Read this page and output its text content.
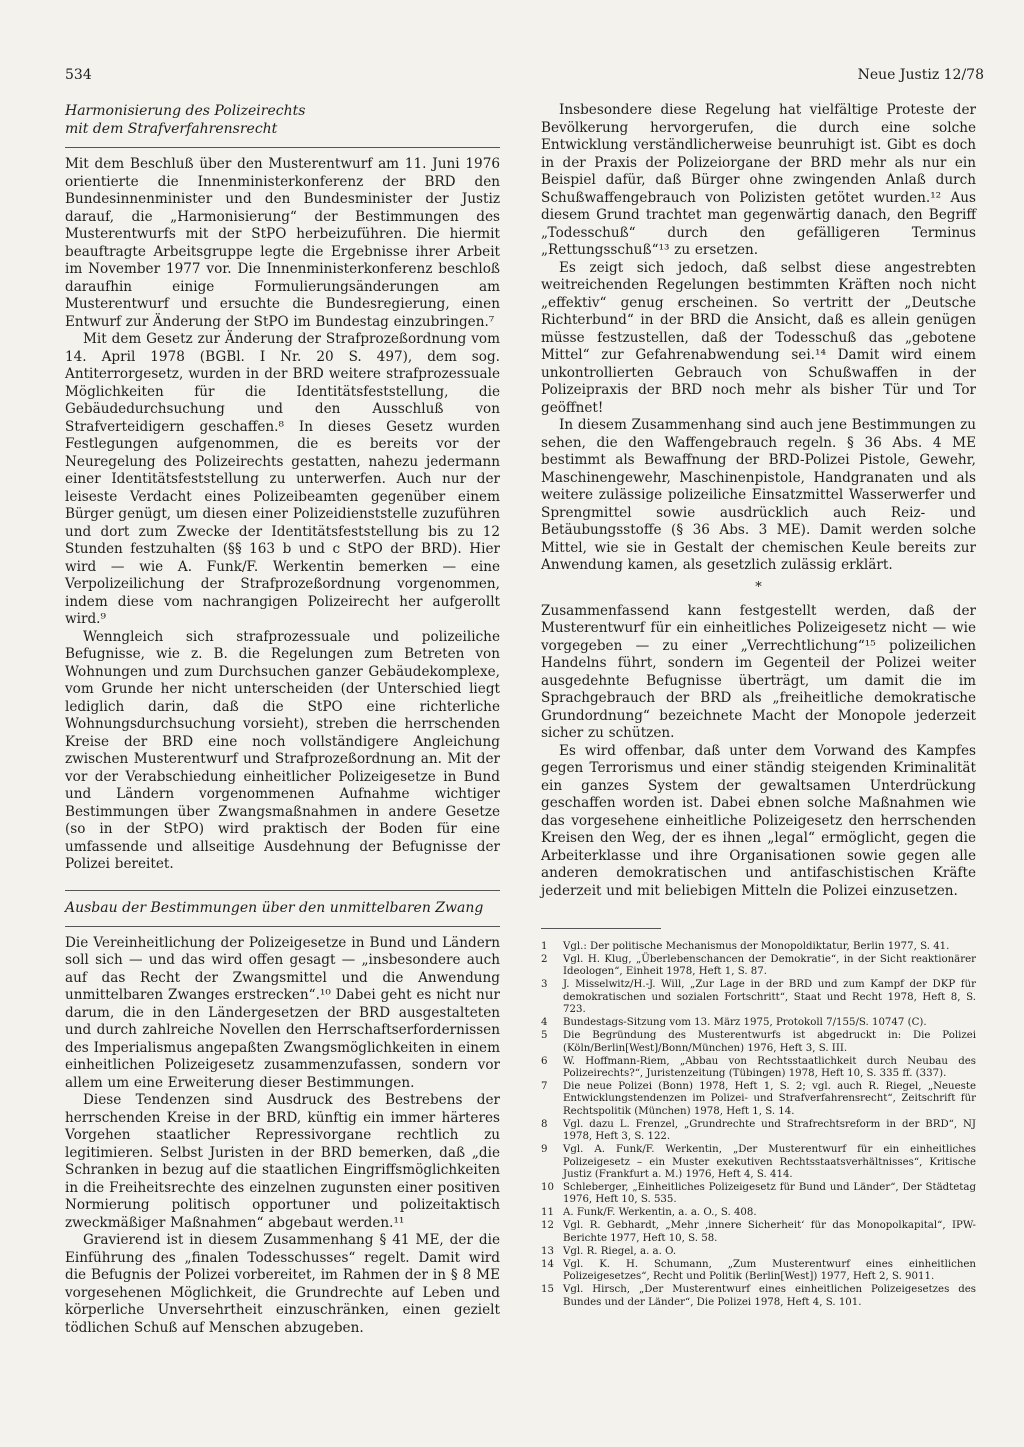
534	Neue Justiz 12/78
Harmonisierung des Polizeirechts
mit dem Strafverfahrensrecht

Mit dem Beschluß über den Musterentwurf am 11. Juni 1976 orientierte die Innenministerkonferenz der BRD den Bundesinnenminister und den Bundesminister der Justiz darauf, die „Harmonisierung“ der Bestimmungen des Musterentwurfs mit der StPO herbeizuführen. Die hiermit beauftragte Arbeitsgruppe legte die Ergebnisse ihrer Arbeit im November 1977 vor. Die Innenministerkonferenz beschloß daraufhin einige Formulierungsänderungen am Musterentwurf und ersuchte die Bundesregierung, einen Entwurf zur Änderung der StPO im Bundestag einzubringen.⁷

Mit dem Gesetz zur Änderung der Strafprozeßordnung vom 14. April 1978 (BGBl. I Nr. 20 S. 497), dem sog. Antiterrorgesetz, wurden in der BRD weitere strafprozessuale Möglichkeiten für die Identitätsfeststellung, die Gebäudedurchsuchung und den Ausschluß von Strafverteidigern geschaffen.⁸ In dieses Gesetz wurden Festlegungen aufgenommen, die es bereits vor der Neuregelung des Polizeirechts gestatten, nahezu jedermann einer Identitätsfeststellung zu unterwerfen. Auch nur der leiseste Verdacht eines Polizeibeamten gegenüber einem Bürger genügt, um diesen einer Polizeidienststelle zuzuführen und dort zum Zwecke der Identitätsfeststellung bis zu 12 Stunden festzuhalten (§§ 163 b und c StPO der BRD). Hier wird — wie A. Funk/F. Werkentin bemerken — eine Verpolizeilichung der Strafprozeßordnung vorgenommen, indem diese vom nachrangigen Polizeirecht her aufgerollt wird.⁹

Wenngleich sich strafprozessuale und polizeiliche Befugnisse, wie z. B. die Regelungen zum Betreten von Wohnungen und zum Durchsuchen ganzer Gebäudekomplexe, vom Grunde her nicht unterscheiden (der Unterschied liegt lediglich darin, daß die StPO eine richterliche Wohnungsdurchsuchung vorsieht), streben die herrschenden Kreise der BRD eine noch vollständigere Angleichung zwischen Musterentwurf und Strafprozeßordnung an. Mit der vor der Verabschiedung einheitlicher Polizeigesetze in Bund und Ländern vorgenommenen Aufnahme wichtiger Bestimmungen über Zwangsmaßnahmen in andere Gesetze (so in der StPO) wird praktisch der Boden für eine umfassende und allseitige Ausdehnung der Befugnisse der Polizei bereitet.

Ausbau der Bestimmungen über den unmittelbaren Zwang

Die Vereinheitlichung der Polizeigesetze in Bund und Ländern soll sich — und das wird offen gesagt — „insbesondere auch auf das Recht der Zwangsmittel und die Anwendung unmittelbaren Zwanges erstrecken“.¹⁰ Dabei geht es nicht nur darum, die in den Ländergesetzen der BRD ausgestalteten und durch zahlreiche Novellen den Herrschaftserfordernissen des Imperialismus angepaßten Zwangsmöglichkeiten in einem einheitlichen Polizeigesetz zusammenzufassen, sondern vor allem um eine Erweiterung dieser Bestimmungen.

Diese Tendenzen sind Ausdruck des Bestrebens der herrschenden Kreise in der BRD, künftig ein immer härteres Vorgehen staatlicher Repressivorgane rechtlich zu legitimieren. Selbst Juristen in der BRD bemerken, daß „die Schranken in bezug auf die staatlichen Eingriffsmöglichkeiten in die Freiheitsrechte des einzelnen zugunsten einer positiven Normierung politisch opportuner und polizeitaktisch zweckmäßiger Maßnahmen“ abgebaut werden.¹¹

Gravierend ist in diesem Zusammenhang § 41 ME, der die Einführung des „finalen Todesschusses“ regelt. Damit wird die Befugnis der Polizei vorbereitet, im Rahmen der in § 8 ME vorgesehenen Möglichkeit, die Grundrechte auf Leben und körperliche Unversehrtheit einzuschränken, einen gezielt tödlichen Schuß auf Menschen abzugeben.

Insbesondere diese Regelung hat vielfältige Proteste der Bevölkerung hervorgerufen, die durch eine solche Entwicklung verständlicherweise beunruhigt ist. Gibt es doch in der Praxis der Polizeiorgane der BRD mehr als nur ein Beispiel dafür, daß Bürger ohne zwingenden Anlaß durch Schußwaffengebrauch von Polizisten getötet wurden.¹² Aus diesem Grund trachtet man gegenwärtig danach, den Begriff „Todesschuß“ durch den gefälligeren Terminus „Rettungsschuß“¹³ zu ersetzen.

Es zeigt sich jedoch, daß selbst diese angestrebten weitreichenden Regelungen bestimmten Kräften noch nicht „effektiv“ genug erscheinen. So vertritt der „Deutsche Richterbund“ in der BRD die Ansicht, daß es allein genügen müsse festzustellen, daß der Todesschuß das „gebotene Mittel“ zur Gefahrenabwendung sei.¹⁴ Damit wird einem unkontrollierten Gebrauch von Schußwaffen in der Polizeipraxis der BRD noch mehr als bisher Tür und Tor geöffnet!

In diesem Zusammenhang sind auch jene Bestimmungen zu sehen, die den Waffengebrauch regeln. § 36 Abs. 4 ME bestimmt als Bewaffnung der BRD-Polizei Pistole, Gewehr, Maschinengewehr, Maschinenpistole, Handgranaten und als weitere zulässige polizeiliche Einsatzmittel Wasserwerfer und Sprengmittel sowie ausdrücklich auch Reiz- und Betäubungsstoffe (§ 36 Abs. 3 ME). Damit werden solche Mittel, wie sie in Gestalt der chemischen Keule bereits zur Anwendung kamen, als gesetzlich zulässig erklärt.

*

Zusammenfassend kann festgestellt werden, daß der Musterentwurf für ein einheitliches Polizeigesetz nicht — wie vorgegeben — zu einer „Verrechtlichung“¹⁵ polizeilichen Handelns führt, sondern im Gegenteil der Polizei weiter ausgedehnte Befugnisse überträgt, um damit die im Sprachgebrauch der BRD als „freiheitliche demokratische Grundordnung“ bezeichnete Macht der Monopole jederzeit sicher zu schützen.

Es wird offenbar, daß unter dem Vorwand des Kampfes gegen Terrorismus und einer ständig steigenden Kriminalität ein ganzes System der gewaltsamen Unterdrückung geschaffen worden ist. Dabei ebnen solche Maßnahmen wie das vorgesehene einheitliche Polizeigesetz den herrschenden Kreisen den Weg, der es ihnen „legal“ ermöglicht, gegen die Arbeiterklasse und ihre Organisationen sowie gegen alle anderen demokratischen und antifaschistischen Kräfte jederzeit und mit beliebigen Mitteln die Polizei einzusetzen.

1	Vgl.: Der politische Mechanismus der Monopoldiktatur, Berlin 1977, S. 41.
2	Vgl. H. Klug, „Überlebenschancen der Demokratie“, in der Sicht reaktionärer Ideologen“, Einheit 1978, Heft 1, S. 87.
3	J. Misselwitz/H.-J. Will, „Zur Lage in der BRD und zum Kampf der DKP für demokratischen und sozialen Fortschritt“, Staat und Recht 1978, Heft 8, S. 723.
4	Bundestags-Sitzung vom 13. März 1975, Protokoll 7/155/S. 10747 (C).
5	Die Begründung des Musterentwurfs ist abgedruckt in: Die Polizei (Köln/Berlin[West]/Bonn/München) 1976, Heft 3, S. III.
6	W. Hoffmann-Riem, „Abbau von Rechtsstaatlichkeit durch Neubau des Polizeirechts?“, Juristenzeitung (Tübingen) 1978, Heft 10, S. 335 ff. (337).
7	Die neue Polizei (Bonn) 1978, Heft 1, S. 2; vgl. auch R. Riegel, „Neueste Entwicklungstendenzen im Polizei- und Strafverfahrensrecht“, Zeitschrift für Rechtspolitik (München) 1978, Heft 1, S. 14.
8	Vgl. dazu L. Frenzel, „Grundrechte und Strafrechtsreform in der BRD“, NJ 1978, Heft 3, S. 122.
9	Vgl. A. Funk/F. Werkentin, „Der Musterentwurf für ein einheitliches Polizeigesetz – ein Muster exekutiven Rechtsstaatsverhältnisses“, Kritische Justiz (Frankfurt a. M.) 1976, Heft 4, S. 414.
10 Schleberger, „Einheitliches Polizeigesetz für Bund und Länder“, Der Städtetag 1976, Heft 10, S. 535.
11 A. Funk/F. Werkentin, a. a. O., S. 408.
12 Vgl. R. Gebhardt, „Mehr ‚innere Sicherheit‘ für das Monopolkapital“, IPW-Berichte 1977, Heft 10, S. 58.
13 Vgl. R. Riegel, a. a. O.
14 Vgl. K. H. Schumann, „Zum Musterentwurf eines einheitlichen Polizeigesetzes“, Recht und Politik (Berlin[West]) 1977, Heft 2, S. 9011.
15 Vgl. Hirsch, „Der Musterentwurf eines einheitlichen Polizeigesetzes des Bundes und der Länder“, Die Polizei 1978, Heft 4, S. 101.
